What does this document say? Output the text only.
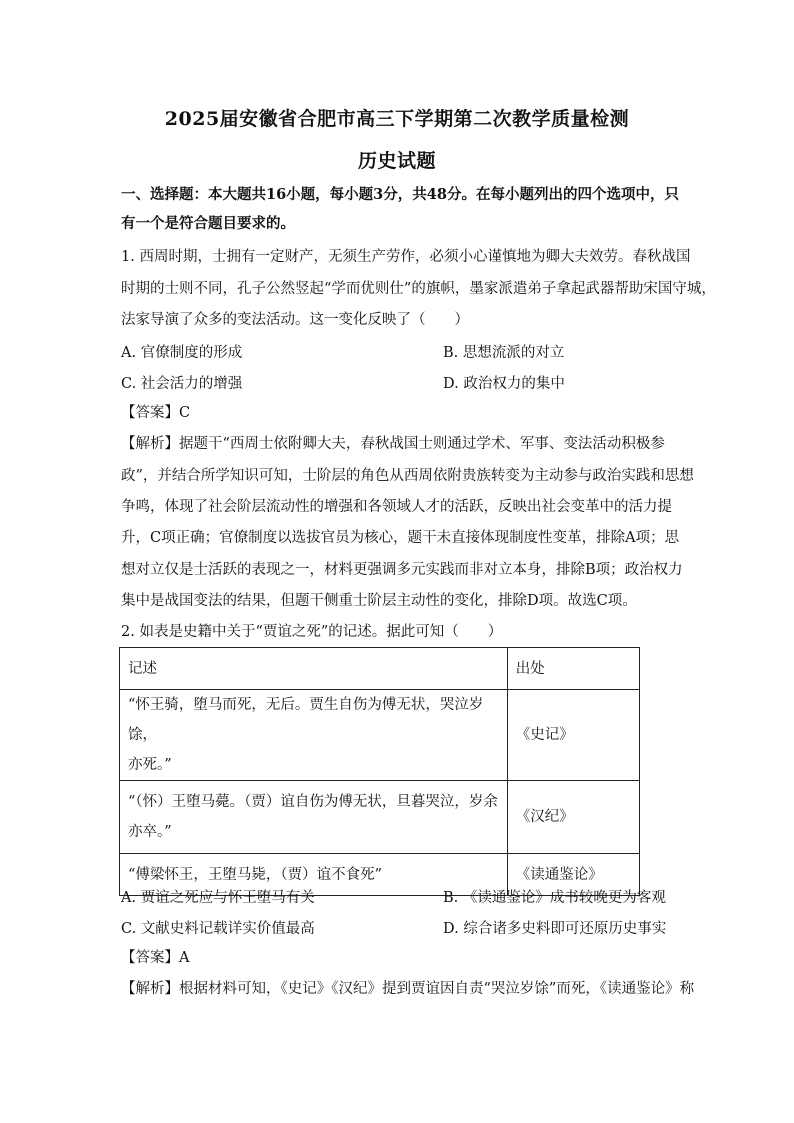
2025届安徽省合肥市高三下学期第二次教学质量检测
历史试题
一、选择题：本大题共16小题，每小题3分，共48分。在每小题列出的四个选项中，只
有一个是符合题目要求的。
1. 西周时期，士拥有一定财产，无须生产劳作，必须小心谨慎地为卿大夫效劳。春秋战国
时期的士则不同，孔子公然竖起“学而优则仕”的旗帜，墨家派遣弟子拿起武器帮助宋国守城，
法家导演了众多的变法活动。这一变化反映了（　　）
A. 官僚制度的形成	B. 思想流派的对立
C. 社会活力的增强	D. 政治权力的集中
【答案】C
【解析】据题干“西周士依附卿大夫，春秋战国士则通过学术、军事、变法活动积极参
政”，并结合所学知识可知，士阶层的角色从西周依附贵族转变为主动参与政治实践和思想
争鸣，体现了社会阶层流动性的增强和各领域人才的活跃，反映出社会变革中的活力提
升，C项正确；官僚制度以选拔官员为核心，题干未直接体现制度性变革，排除A项；思
想对立仅是士活跃的表现之一，材料更强调多元实践而非对立本身，排除B项；政治权力
集中是战国变法的结果，但题干侧重士阶层主动性的变化，排除D项。故选C项。
2. 如表是史籍中关于“贾谊之死”的记述。据此可知（　　）
记述	出处

“怀王骑，堕马而死，无后。贾生自伤为傅无状，哭泣岁馀，
亦死。”	《史记》

“（怀）王堕马薨。（贾）谊自伤为傅无状，旦暮哭泣，岁余
亦卒。”	《汉纪》
“傅梁怀王，王堕马毙，（贾）谊不食死”	《读通鉴论》
A. 贾谊之死应与怀王堕马有关	B. 《读通鉴论》成书较晚更为客观
C. 文献史料记载详实价值最高	D. 综合诸多史料即可还原历史事实
【答案】A
【解析】根据材料可知，《史记》《汉纪》提到贾谊因自责“哭泣岁馀”而死，《读通鉴论》称
